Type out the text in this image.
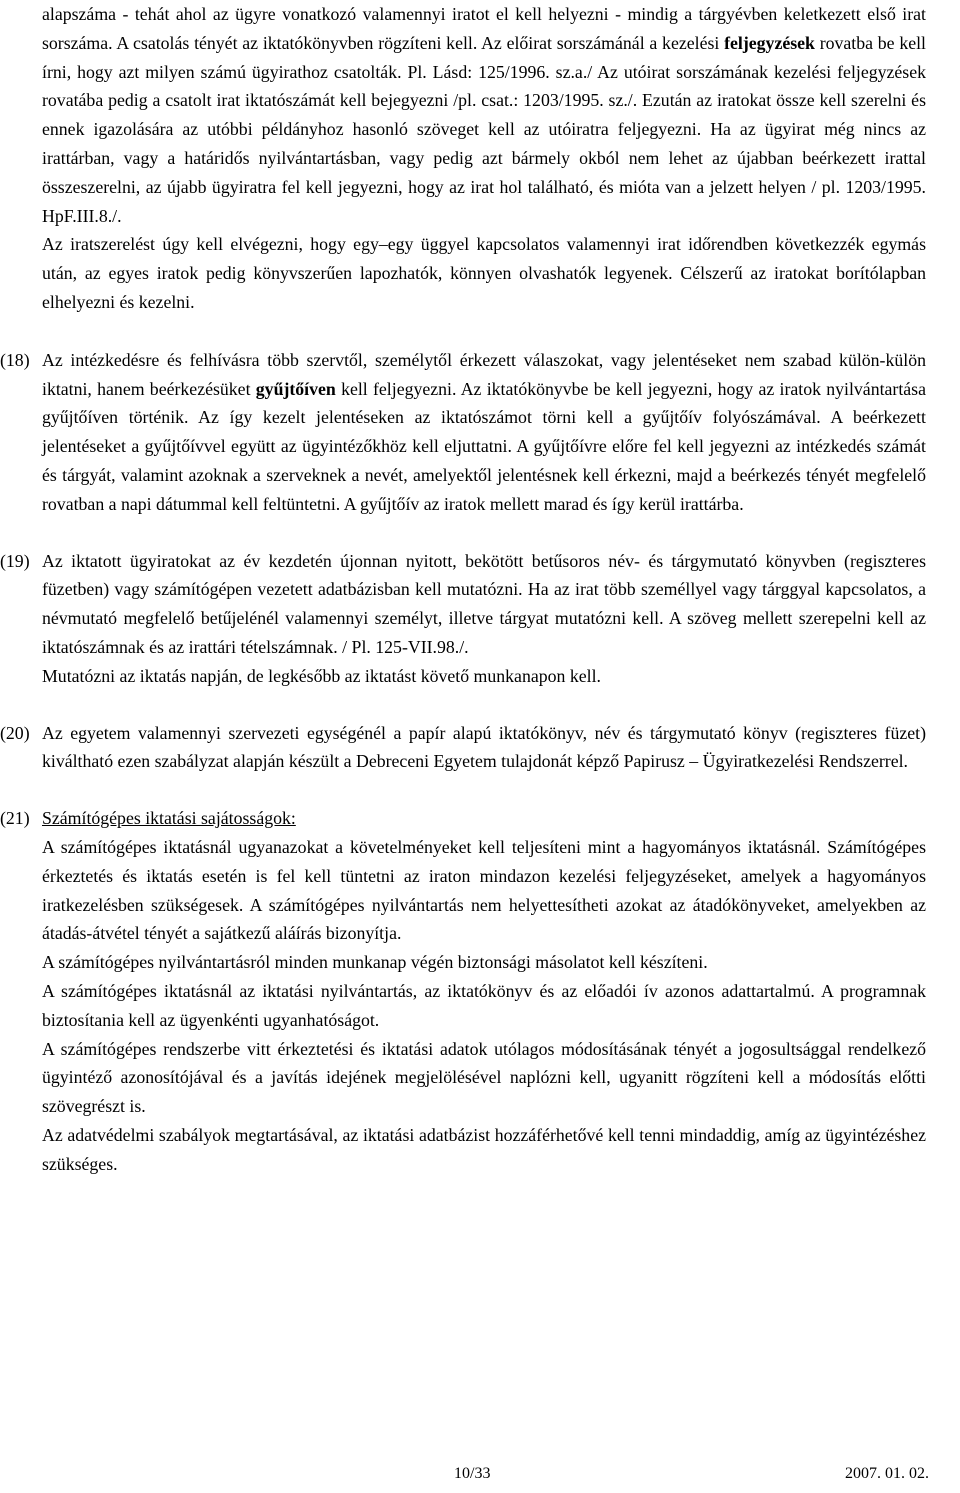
alapszáma - tehát ahol az ügyre vonatkozó valamennyi iratot el kell helyezni - mindig a tárgyévben keletkezett első irat sorszáma. A csatolás tényét az iktatókönyvben rögzíteni kell. Az előirat sorszámánál a kezelési feljegyzések rovatba be kell írni, hogy azt milyen számú ügyirathoz csatolták. Pl. Lásd: 125/1996. sz.a./ Az utóirat sorszámának kezelési feljegyzések rovatába pedig a csatolt irat iktatószámát kell bejegyezni /pl. csat.: 1203/1995. sz./. Ezután az iratokat össze kell szerelni és ennek igazolására az utóbbi példányhoz hasonló szöveget kell az utóiratra feljegyezni. Ha az ügyirat még nincs az irattárban, vagy a határidős nyilvántartásban, vagy pedig azt bármely okból nem lehet az újabban beérkezett irattal összeszerelni, az újabb ügyiratra fel kell jegyezni, hogy az irat hol található, és mióta van a jelzett helyen / pl. 1203/1995. HpF.III.8./.

Az iratszerelést úgy kell elvégezni, hogy egy–egy üggyel kapcsolatos valamennyi irat időrendben következzék egymás után, az egyes iratok pedig könyvszerűen lapozhatók, könnyen olvashatók legyenek. Célszerű az iratokat borítólapban elhelyezni és kezelni.

(18) Az intézkedésre és felhívásra több szervtől, személytől érkezett válaszokat, vagy jelentéseket nem szabad külön-külön iktatni, hanem beérkezésüket gyűjtőíven kell feljegyezni. Az iktatókönyvbe be kell jegyezni, hogy az iratok nyilvántartása gyűjtőíven történik. Az így kezelt jelentéseken az iktatószámot törni kell a gyűjtőív folyószámával. A beérkezett jelentéseket a gyűjtőívvel együtt az ügyintézőkhöz kell eljuttatni. A gyűjtőívre előre fel kell jegyezni az intézkedés számát és tárgyát, valamint azoknak a szerveknek a nevét, amelyektől jelentésnek kell érkezni, majd a beérkezés tényét megfelelő rovatban a napi dátummal kell feltüntetni. A gyűjtőív az iratok mellett marad és így kerül irattárba.

(19) Az iktatott ügyiratokat az év kezdetén újonnan nyitott, bekötött betűsoros név- és tárgymutató könyvben (regiszteres füzetben) vagy számítógépen vezetett adatbázisban kell mutatózni. Ha az irat több személlyel vagy tárggyal kapcsolatos, a névmutató megfelelő betűjelénél valamennyi személyt, illetve tárgyat mutatózni kell. A szöveg mellett szerepelni kell az iktatószámnak és az irattári tételszámnak. / Pl. 125-VII.98./.

Mutatózni az iktatás napján, de legkésőbb az iktatást követő munkanapon kell.

(20) Az egyetem valamennyi szervezeti egységénél a papír alapú iktatókönyv, név és tárgymutató könyv (regiszteres füzet) kiváltható ezen szabályzat alapján készült a Debreceni Egyetem tulajdonát képző Papirusz – Ügyiratkezelési Rendszerrel.

(21) Számítógépes iktatási sajátosságok:

A számítógépes iktatásnál ugyanazokat a követelményeket kell teljesíteni mint a hagyományos iktatásnál. Számítógépes érkeztetés és iktatás esetén is fel kell tüntetni az iraton mindazon kezelési feljegyzéseket, amelyek a hagyományos iratkezelésben szükségesek. A számítógépes nyilvántartás nem helyettesítheti azokat az átadókönyveket, amelyekben az átadás-átvétel tényét a sajátkezű aláírás bizonyítja.

A számítógépes nyilvántartásról minden munkanap végén biztonsági másolatot kell készíteni.

A számítógépes iktatásnál az iktatási nyilvántartás, az iktatókönyv és az előadói ív azonos adattartalmú. A programnak biztosítania kell az ügyenkénti ugyanhatóságot.

A számítógépes rendszerbe vitt érkeztetési és iktatási adatok utólagos módosításának tényét a jogosultsággal rendelkező ügyintéző azonosítójával és a javítás idejének megjelölésével naplózni kell, ugyanitt rögzíteni kell a módosítás előtti szövegrészt is.

Az adatvédelmi szabályok megtartásával, az iktatási adatbázist hozzáférhetővé kell tenni mindaddig, amíg az ügyintézéshez szükséges.

10/33	2007. 01. 02.
